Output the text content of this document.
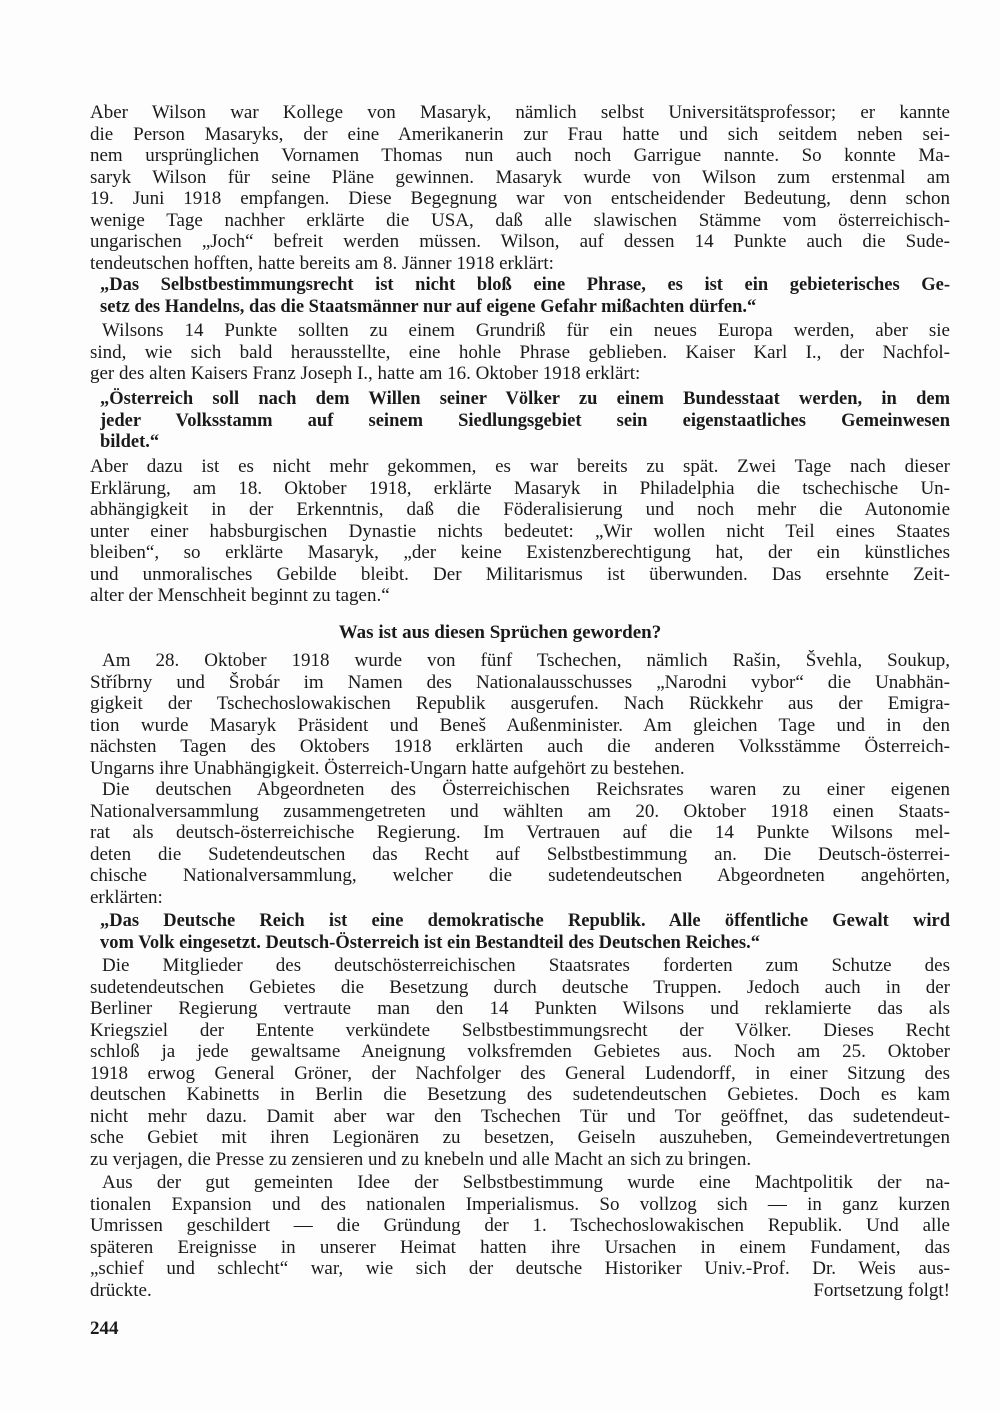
Aber Wilson war Kollege von Masaryk, nämlich selbst Universitätsprofessor; er kannte
die Person Masaryks, der eine Amerikanerin zur Frau hatte und sich seitdem neben sei-
nem ursprünglichen Vornamen Thomas nun auch noch Garrigue nannte. So konnte Ma-
saryk Wilson für seine Pläne gewinnen. Masaryk wurde von Wilson zum erstenmal am
19. Juni 1918 empfangen. Diese Begegnung war von entscheidender Bedeutung, denn schon
wenige Tage nachher erklärte die USA, daß alle slawischen Stämme vom österreichisch-
ungarischen „Joch“ befreit werden müssen. Wilson, auf dessen 14 Punkte auch die Sude-
tendeutschen hofften, hatte bereits am 8. Jänner 1918 erklärt:
„Das Selbstbestimmungsrecht ist nicht bloß eine Phrase, es ist ein gebieterisches Ge-
setz des Handelns, das die Staatsmänner nur auf eigene Gefahr mißachten dürfen.“
Wilsons 14 Punkte sollten zu einem Grundriß für ein neues Europa werden, aber sie
sind, wie sich bald herausstellte, eine hohle Phrase geblieben. Kaiser Karl I., der Nachfol-
ger des alten Kaisers Franz Joseph I., hatte am 16. Oktober 1918 erklärt:
„Österreich soll nach dem Willen seiner Völker zu einem Bundesstaat werden, in dem
jeder Volksstamm auf seinem Siedlungsgebiet sein eigenstaatliches Gemeinwesen
bildet.“
Aber dazu ist es nicht mehr gekommen, es war bereits zu spät. Zwei Tage nach dieser
Erklärung, am 18. Oktober 1918, erklärte Masaryk in Philadelphia die tschechische Un-
abhängigkeit in der Erkenntnis, daß die Föderalisierung und noch mehr die Autonomie
unter einer habsburgischen Dynastie nichts bedeutet: „Wir wollen nicht Teil eines Staates
bleiben“, so erklärte Masaryk, „der keine Existenzberechtigung hat, der ein künstliches
und unmoralisches Gebilde bleibt. Der Militarismus ist überwunden. Das ersehnte Zeit-
alter der Menschheit beginnt zu tagen.“
Am 28. Oktober 1918 wurde von fünf Tschechen, nämlich Rašin, Švehla, Soukup,
Stříbrny und Šrobár im Namen des Nationalausschusses „Narodni vybor“ die Unabhän-
gigkeit der Tschechoslowakischen Republik ausgerufen. Nach Rückkehr aus der Emigra-
tion wurde Masaryk Präsident und Beneš Außenminister. Am gleichen Tage und in den
nächsten Tagen des Oktobers 1918 erklärten auch die anderen Volksstämme Österreich-
Ungarns ihre Unabhängigkeit. Österreich-Ungarn hatte aufgehört zu bestehen.
Die deutschen Abgeordneten des Österreichischen Reichsrates waren zu einer eigenen
Nationalversammlung zusammengetreten und wählten am 20. Oktober 1918 einen Staats-
rat als deutsch-österreichische Regierung. Im Vertrauen auf die 14 Punkte Wilsons mel-
deten die Sudetendeutschen das Recht auf Selbstbestimmung an. Die Deutsch-österrei-
chische Nationalversammlung, welcher die sudetendeutschen Abgeordneten angehörten,
erklärten:
„Das Deutsche Reich ist eine demokratische Republik. Alle öffentliche Gewalt wird
vom Volk eingesetzt. Deutsch-Österreich ist ein Bestandteil des Deutschen Reiches.“
Die Mitglieder des deutschösterreichischen Staatsrates forderten zum Schutze des
sudetendeutschen Gebietes die Besetzung durch deutsche Truppen. Jedoch auch in der
Berliner Regierung vertraute man den 14 Punkten Wilsons und reklamierte das als
Kriegsziel der Entente verkündete Selbstbestimmungsrecht der Völker. Dieses Recht
schloß ja jede gewaltsame Aneignung volksfremden Gebietes aus. Noch am 25. Oktober
1918 erwog General Gröner, der Nachfolger des General Ludendorff, in einer Sitzung des
deutschen Kabinetts in Berlin die Besetzung des sudetendeutschen Gebietes. Doch es kam
nicht mehr dazu. Damit aber war den Tschechen Tür und Tor geöffnet, das sudetendeut-
sche Gebiet mit ihren Legionären zu besetzen, Geiseln auszuheben, Gemeindevertretungen
zu verjagen, die Presse zu zensieren und zu knebeln und alle Macht an sich zu bringen.
Aus der gut gemeinten Idee der Selbstbestimmung wurde eine Machtpolitik der na-
tionalen Expansion und des nationalen Imperialismus. So vollzog sich — in ganz kurzen
Umrissen geschildert — die Gründung der 1. Tschechoslowakischen Republik. Und alle
späteren Ereignisse in unserer Heimat hatten ihre Ursachen in einem Fundament, das
„schief und schlecht“ war, wie sich der deutsche Historiker Univ.-Prof. Dr. Weis aus-
drückte.
Was ist aus diesen Sprüchen geworden?
Fortsetzung folgt!
244
